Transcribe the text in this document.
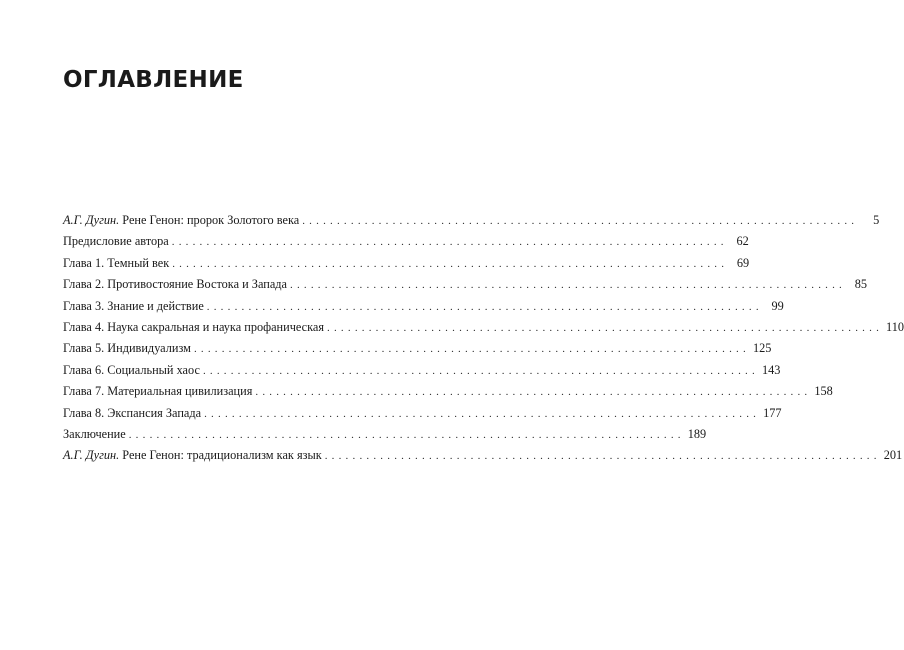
ОГЛАВЛЕНИЕ
А.Г. Дугин. Рене Генон: пророк Золотого века ................................................................................	5
Предисловие автора ................................................................................ 62
Глава 1. Темный век ................................................................................ 69
Глава 2. Противостояние Востока и Запада ................................................................................ 85
Глава 3. Знание и действие ................................................................................ 99
Глава 4. Наука сакральная и наука профаническая ................................................................................ 110
Глава 5. Индивидуализм ................................................................................ 125
Глава 6. Социальный хаос ................................................................................ 143
Глава 7. Материальная цивилизация ................................................................................ 158
Глава 8. Экспансия Запада ................................................................................ 177
Заключение ................................................................................ 189
А.Г. Дугин. Рене Генон: традиционализм как язык ................................................................................ 201
